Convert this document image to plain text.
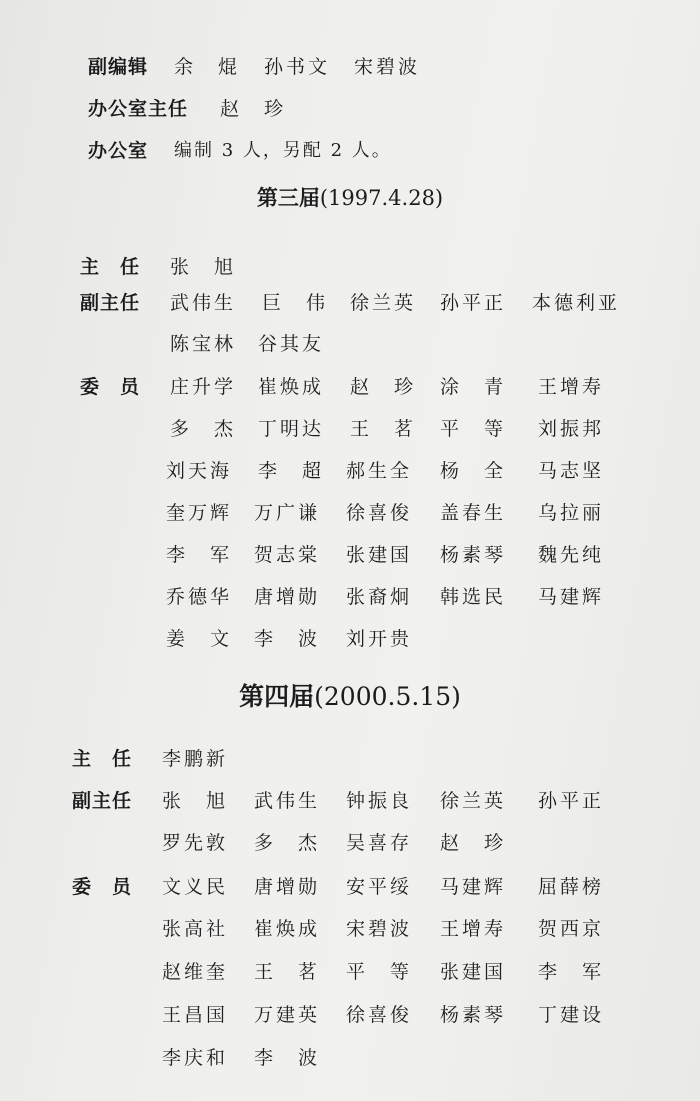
副编辑 余　焜 孙书文 宋碧波
办公室主任 赵　珍
办公室 编制 3 人，另配 2 人。
第三届(1997.4.28)
主　任 张　旭
副主任 武伟生 巨　伟 徐兰英 孙平正 本德利亚
陈宝林 谷其友
委　员 庄升学 崔焕成 赵　珍 涂　青 王增寿
多　杰 丁明达 王　茗 平　等 刘振邦
刘天海 李　超 郝生全 杨　全 马志坚
奎万辉 万广谦 徐喜俊 盖春生 乌拉丽
李　军 贺志棠 张建国 杨素琴 魏先纯
乔德华 唐增勋 张裔炯 韩选民 马建辉
姜　文 李　波 刘开贵
第四届(2000.5.15)
主　任 李鹏新
副主任 张　旭 武伟生 钟振良 徐兰英 孙平正
罗先敦 多　杰 吴喜存 赵　珍
委　员 文义民 唐增勋 安平绥 马建辉 屈薛榜
张高社 崔焕成 宋碧波 王增寿 贺西京
赵维奎 王　茗 平　等 张建国 李　军
王昌国 万建英 徐喜俊 杨素琴 丁建设
李庆和 李　波
